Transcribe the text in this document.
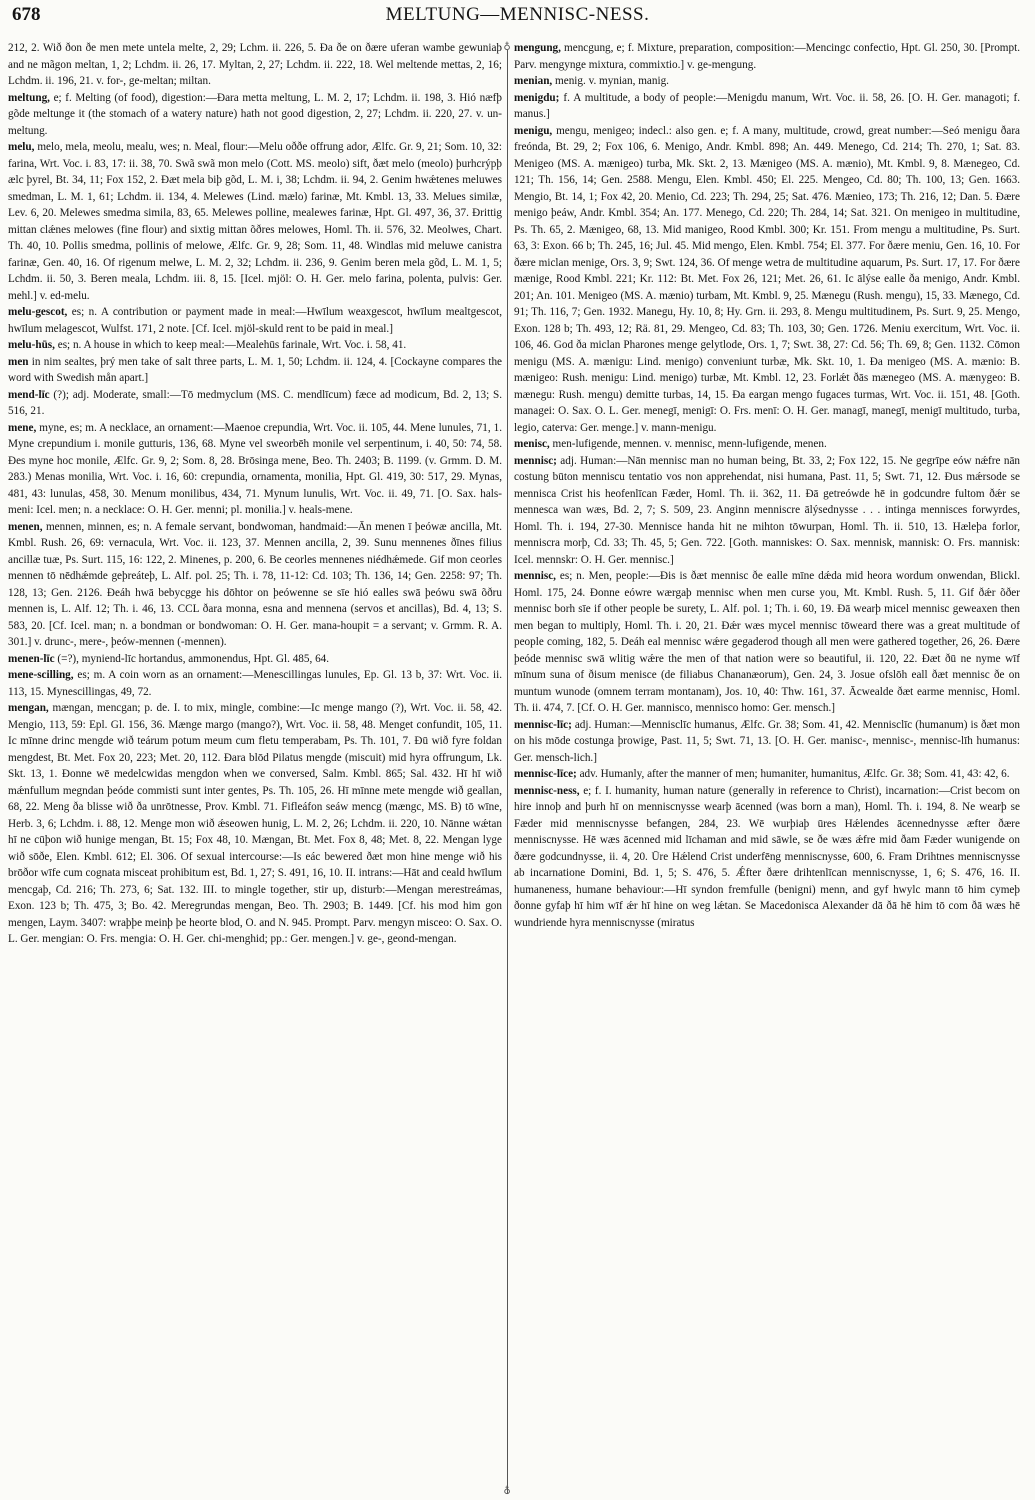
678	MELTUNG—MENNISC-NESS.
♁
♁

212, 2. Wið ðon ðe men mete untela melte, 2, 29; Lchm. ii. 226, 5. Ða ðe on ðære uferan wambe gewuniaþ and ne mãgon meltan, 1, 2; Lchdm. ii. 26, 17. Myltan, 2, 27; Lchdm. ii. 222, 18. Wel meltende mettas, 2, 16; Lchdm. ii. 196, 21. v. for-, ge-meltan; miltan.

meltung, e; f. Melting (of food), digestion:—Ðara metta meltung, L. M. 2, 17; Lchdm. ii. 198, 3. Hió næfþ gõde meltunge it (the stomach of a watery nature) hath not good digestion, 2, 27; Lchdm. ii. 220, 27. v. un-meltung.

melu, melo, mela, meolu, mealu, wes; n. Meal, flour:—Melu oððe offrung ador, Ælfc. Gr. 9, 21; Som. 10, 32: farina, Wrt. Voc. i. 83, 17: ii. 38, 70. Swã swã mon melo (Cott. MS. meolo) sift, ðæt melo (meolo) þurhcrýpþ ælc þyrel, Bt. 34, 11; Fox 152, 2. Ðæt mela biþ gõd, L. M. i, 38; Lchdm. ii. 94, 2. Genim hwǽtenes meluwes smedman, L. M. 1, 61; Lchdm. ii. 134, 4. Melewes (Lind. mælo) farinæ, Mt. Kmbl. 13, 33. Melues similæ, Lev. 6, 20. Melewes smedma simila, 83, 65. Melewes polline, mealewes farinæ, Hpt. Gl. 497, 36, 37. Ðrittig mittan clǽnes melowes (fine flour) and sixtig mittan õðres melowes, Homl. Th. ii. 576, 32. Meolwes, Chart. Th. 40, 10. Pollis smedma, pollinis of melowe, Ælfc. Gr. 9, 28; Som. 11, 48. Windlas mid meluwe canistra farinæ, Gen. 40, 16. Of rigenum melwe, L. M. 2, 32; Lchdm. ii. 236, 9. Genim beren mela gõd, L. M. 1, 5; Lchdm. ii. 50, 3. Beren meala, Lchdm. iii. 8, 15. [Icel. mjöl: O. H. Ger. melo farina, polenta, pulvis: Ger. mehl.] v. ed-melu.

melu-gescot, es; n. A contribution or payment made in meal:—Hwīlum weaxgescot, hwīlum mealtgescot, hwīlum melagescot, Wulfst. 171, 2 note. [Cf. Icel. mjöl-skuld rent to be paid in meal.]

melu-hūs, es; n. A house in which to keep meal:—Mealehūs farinale, Wrt. Voc. i. 58, 41.

men in nim sealtes, þrý men take of salt three parts, L. M. 1, 50; Lchdm. ii. 124, 4. [Cockayne compares the word with Swedish mån apart.]

mend-līc (?); adj. Moderate, small:—Tō medmyclum (MS. C. mendlīcum) fæce ad modicum, Bd. 2, 13; S. 516, 21.

mene, myne, es; m. A necklace, an ornament:—Maenoe crepundia, Wrt. Voc. ii. 105, 44. Mene lunules, 71, 1. Myne crepundium i. monile gutturis, 136, 68. Myne vel sweorbēh monile vel serpentinum, i. 40, 50: 74, 58. Ðes myne hoc monile, Ælfc. Gr. 9, 2; Som. 8, 28. Brōsinga mene, Beo. Th. 2403; B. 1199. (v. Grmm. D. M. 283.) Menas monilia, Wrt. Voc. i. 16, 60: crepundia, ornamenta, monilia, Hpt. Gl. 419, 30: 517, 29. Mynas, 481, 43: lunulas, 458, 30. Menum monilibus, 434, 71. Mynum lunulis, Wrt. Voc. ii. 49, 71. [O. Sax. hals-meni: Icel. men; n. a necklace: O. H. Ger. menni; pl. monilia.] v. heals-mene.

menen, mennen, minnen, es; n. A female servant, bondwoman, handmaid:—Ān menen ī þeówæ ancilla, Mt. Kmbl. Rush. 26, 69: vernacula, Wrt. Voc. ii. 123, 37. Mennen ancilla, 2, 39. Sunu mennenes ðīnes filius ancillæ tuæ, Ps. Surt. 115, 16: 122, 2. Minenes, p. 200, 6. Be ceorles mennenes niédhǽmede. Gif mon ceorles mennen tō nēdhǽmde geþreáteþ, L. Alf. pol. 25; Th. i. 78, 11-12: Cd. 103; Th. 136, 14; Gen. 2258: 97; Th. 128, 13; Gen. 2126. Ðeáh hwā bebycgge his dōhtor on þeówenne se sīe hió ealles swā þeówu swā õðru mennen is, L. Alf. 12; Th. i. 46, 13. CCL ðara monna, esna and mennena (servos et ancillas), Bd. 4, 13; S. 583, 20. [Cf. Icel. man; n. a bondman or bondwoman: O. H. Ger. mana-houpit = a servant; v. Grmm. R. A. 301.] v. drunc-, mere-, þeów-mennen (-mennen).

menen-līc (=?), myniend-līc hortandus, ammonendus, Hpt. Gl. 485, 64.

mene-scilling, es; m. A coin worn as an ornament:—Menescillingas lunules, Ep. Gl. 13 b, 37: Wrt. Voc. ii. 113, 15. Mynescillingas, 49, 72.

mengan, mængan, mencgan; p. de. I. to mix, mingle, combine:—Ic menge mango (?), Wrt. Voc. ii. 58, 42. Mengio, 113, 59: Epl. Gl. 156, 36. Mænge margo (mango?), Wrt. Voc. ii. 58, 48. Menget confundit, 105, 11. Ic mīnne drinc mengde wið teárum potum meum cum fletu temperabam, Ps. Th. 101, 7. Ðū wið fyre foldan mengdest, Bt. Met. Fox 20, 223; Met. 20, 112. Ðara blōd Pilatus mengde (miscuit) mid hyra offrungum, Lk. Skt. 13, 1. Ðonne wē medelcwidas mengdon when we conversed, Salm. Kmbl. 865; Sal. 432. Hī hī wið mǽnfullum megndan þeóde commisti sunt inter gentes, Ps. Th. 105, 26. Hī mīnne mete mengde wið geallan, 68, 22. Meng ða blisse wið ða unrōtnesse, Prov. Kmbl. 71. Fifleáfon seáw mencg (mængc, MS. B) tō wīne, Herb. 3, 6; Lchdm. i. 88, 12. Menge mon wið ǽseowen hunig, L. M. 2, 26; Lchdm. ii. 220, 10. Nānne wǽtan hī ne cūþon wið hunige mengan, Bt. 15; Fox 48, 10. Mængan, Bt. Met. Fox 8, 48; Met. 8, 22. Mengan lyge wið sōðe, Elen. Kmbl. 612; El. 306. Of sexual intercourse:—Is eác bewered ðæt mon hine menge wið his brōðor wīfe cum cognata misceat prohibitum est, Bd. 1, 27; S. 491, 16, 10. II. intrans:—Hāt and ceald hwīlum mencgaþ, Cd. 216; Th. 273, 6; Sat. 132. III. to mingle together, stir up, disturb:—Mengan merestreámas, Exon. 123 b; Th. 475, 3; Bo. 42. Meregrundas mengan, Beo. Th. 2903; B. 1449. [Cf. his mod him gon mengen, Laym. 3407: wraþþe meinþ þe heorte blod, O. and N. 945. Prompt. Parv. mengyn misceo: O. Sax. O. L. Ger. mengian: O. Frs. mengia: O. H. Ger. chi-menghid; pp.: Ger. mengen.] v. ge-, geond-mengan.

mengung, mencgung, e; f. Mixture, preparation, composition:—Mencingc confectio, Hpt. Gl. 250, 30. [Prompt. Parv. mengynge mixtura, commixtio.] v. ge-mengung.

menian, menig. v. mynian, manig.

menigdu; f. A multitude, a body of people:—Menigdu manum, Wrt. Voc. ii. 58, 26. [O. H. Ger. managoti; f. manus.]

menigu, mengu, menigeo; indecl.: also gen. e; f. A many, multitude, crowd, great number:—Seó menigu ðara freónda, Bt. 29, 2; Fox 106, 6. Menigo, Andr. Kmbl. 898; An. 449. Menego, Cd. 214; Th. 270, 1; Sat. 83. Menigeo (MS. A. mænigeo) turba, Mk. Skt. 2, 13. Mænigeo (MS. A. mænio), Mt. Kmbl. 9, 8. Mænegeo, Cd. 121; Th. 156, 14; Gen. 2588. Mengu, Elen. Kmbl. 450; El. 225. Mengeo, Cd. 80; Th. 100, 13; Gen. 1663. Mengio, Bt. 14, 1; Fox 42, 20. Menio, Cd. 223; Th. 294, 25; Sat. 476. Mænieo, 173; Th. 216, 12; Dan. 5. Ðære menigo þeáw, Andr. Kmbl. 354; An. 177. Menego, Cd. 220; Th. 284, 14; Sat. 321. On menigeo in multitudine, Ps. Th. 65, 2. Mænigeo, 68, 13. Mid manigeo, Rood Kmbl. 300; Kr. 151. From mengu a multitudine, Ps. Surt. 63, 3: Exon. 66 b; Th. 245, 16; Jul. 45. Mid mengo, Elen. Kmbl. 754; El. 377. For ðære meniu, Gen. 16, 10. For ðære miclan menige, Ors. 3, 9; Swt. 124, 36. Of menge wetra de multitudine aquarum, Ps. Surt. 17, 17. For ðære mænige, Rood Kmbl. 221; Kr. 112: Bt. Met. Fox 26, 121; Met. 26, 61. Ic ālýse ealle ða menigo, Andr. Kmbl. 201; An. 101. Menigeo (MS. A. mænio) turbam, Mt. Kmbl. 9, 25. Mænegu (Rush. mengu), 15, 33. Mænego, Cd. 91; Th. 116, 7; Gen. 1932. Manegu, Hy. 10, 8; Hy. Grn. ii. 293, 8. Mengu multitudinem, Ps. Surt. 9, 25. Mengo, Exon. 128 b; Th. 493, 12; Rä. 81, 29. Mengeo, Cd. 83; Th. 103, 30; Gen. 1726. Meniu exercitum, Wrt. Voc. ii. 106, 46. God ða miclan Pharones menge gelytlode, Ors. 1, 7; Swt. 38, 27: Cd. 56; Th. 69, 8; Gen. 1132. Cōmon menigu (MS. A. mænigu: Lind. menigo) conveniunt turbæ, Mk. Skt. 10, 1. Ða menigeo (MS. A. mænio: B. mænigeo: Rush. menigu: Lind. menigo) turbæ, Mt. Kmbl. 12, 23. Forlǽt ðās mænegeo (MS. A. mænygeo: B. mænegu: Rush. mengu) demitte turbas, 14, 15. Ða eargan mengo fugaces turmas, Wrt. Voc. ii. 151, 48. [Goth. managei: O. Sax. O. L. Ger. menegī, menigī: O. Frs. menī: O. H. Ger. managī, manegī, menigī multitudo, turba, legio, caterva: Ger. menge.] v. mann-menigu.

menisc, men-lufigende, mennen. v. mennisc, menn-lufigende, menen.

mennisc; adj. Human:—Nān mennisc man no human being, Bt. 33, 2; Fox 122, 15. Ne gegrīpe eów nǽfre nān costung būton menniscu tentatio vos non apprehendat, nisi humana, Past. 11, 5; Swt. 71, 12. Ðus mǽrsode se mennisca Crist his heofenlīcan Fæder, Homl. Th. ii. 362, 11. Ðā getreówde hē in godcundre fultom ðǽr se mennesca wan wæs, Bd. 2, 7; S. 509, 23. Anginn menniscre ālýsednysse . . . intinga mennisces forwyrdes, Homl. Th. i. 194, 27-30. Mennisce handa hit ne mihton tōwurpan, Homl. Th. ii. 510, 13. Hæleþa forlor, menniscra morþ, Cd. 33; Th. 45, 5; Gen. 722. [Goth. manniskes: O. Sax. mennisk, mannisk: O. Frs. mannisk: Icel. mennskr: O. H. Ger. mennisc.]

mennisc, es; n. Men, people:—Ðis is ðæt mennisc ðe ealle mīne dǽda mid heora wordum onwendan, Blickl. Homl. 175, 24. Ðonne eówre wærgaþ mennisc when men curse you, Mt. Kmbl. Rush. 5, 11. Gif ðǽr õðer mennisc borh sīe if other people be surety, L. Alf. pol. 1; Th. i. 60, 19. Ðā wearþ micel mennisc geweaxen then men began to multiply, Homl. Th. i. 20, 21. Ðǽr wæs mycel mennisc tōweard there was a great multitude of people coming, 182, 5. Deáh eal mennisc wǽre gegaderod though all men were gathered together, 26, 26. Ðære þeóde mennisc swā wlitig wǽre the men of that nation were so beautiful, ii. 120, 22. Ðæt ðū ne nyme wīf mīnum suna of ðisum menisce (de filiabus Chananæorum), Gen. 24, 3. Josue ofslōh eall ðæt mennisc ðe on muntum wunode (omnem terram montanam), Jos. 10, 40: Thw. 161, 37. Ācwealde ðæt earme mennisc, Homl. Th. ii. 474, 7. [Cf. O. H. Ger. mannisco, mennisco homo: Ger. mensch.]

mennisc-līc; adj. Human:—Mennisclīc humanus, Ælfc. Gr. 38; Som. 41, 42. Mennisclīc (humanum) is ðæt mon on his mōde costunga þrowige, Past. 11, 5; Swt. 71, 13. [O. H. Ger. manisc-, mennisc-, mennisc-līh humanus: Ger. mensch-lich.]

mennisc-līce; adv. Humanly, after the manner of men; humaniter, humanitus, Ælfc. Gr. 38; Som. 41, 43: 42, 6.

mennisc-ness, e; f. I. humanity, human nature (generally in reference to Christ), incarnation:—Crist becom on hire innoþ and þurh hī on menniscnysse wearþ ācenned (was born a man), Homl. Th. i. 194, 8. Ne wearþ se Fæder mid menniscnysse befangen, 284, 23. Wē wurþiaþ ūres Hǽlendes ācennednysse æfter ðære menniscnysse. Hē wæs ācenned mid līchaman and mid sāwle, se ðe wæs ǽfre mid ðam Fæder wunigende on ðære godcundnysse, ii. 4, 20. Ūre Hǽlend Crist underfēng menniscnysse, 600, 6. Fram Drihtnes menniscnysse ab incarnatione Domini, Bd. 1, 5; S. 476, 5. Ǽfter ðære drihtenlīcan menniscnysse, 1, 6; S. 476, 16. II. humaneness, humane behaviour:—Hī syndon fremfulle (benigni) menn, and gyf hwylc mann tō him cymeþ ðonne gyfaþ hī him wīf ǽr hī hine on weg lǽtan. Se Macedonisca Alexander dā ðā hē him tō com ðā wæs hē wundriende hyra menniscnysse (miratus
